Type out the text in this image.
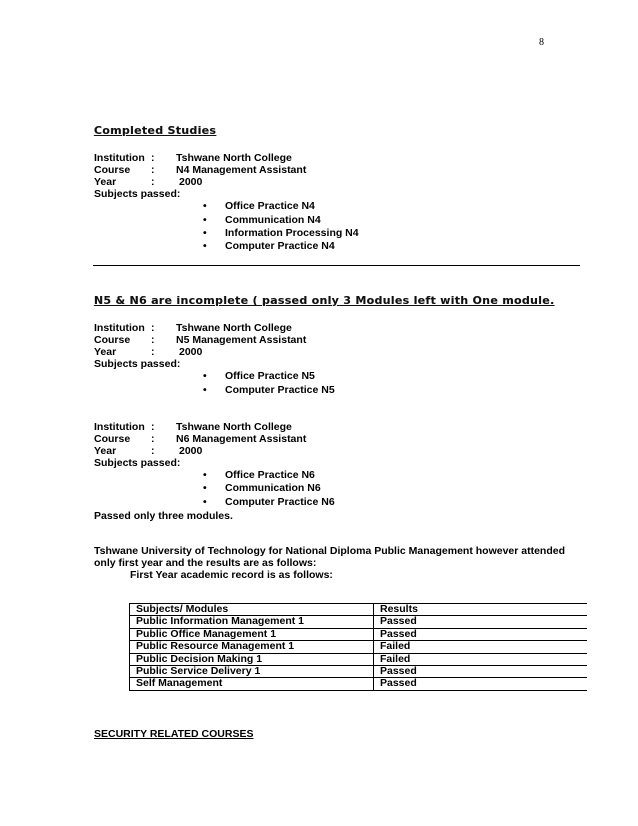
8
Completed Studies
Institution : Tshwane North College
Course : N4 Management Assistant
Year	: 2000
Subjects passed:
• Office Practice N4
• Communication N4
• Information Processing N4
• Computer Practice N4
N5 & N6 are incomplete ( passed only 3 Modules left with One module.
Institution : Tshwane North College
Course : N5 Management Assistant
Year	: 2000
Subjects passed:
• Office Practice N5
• Computer Practice N5
Institution : Tshwane North College
Course : N6 Management Assistant
Year	: 2000
Subjects passed:
• Office Practice N6
• Communication N6
• Computer Practice N6
Passed only three modules.
Tshwane University of Technology for National Diploma Public Management however attended
only first year and the results are as follows:
First Year academic record is as follows:
Subjects/ Modules	Results
Public Information Management 1	Passed
Public Office Management 1	Passed
Public Resource Management 1	Failed
Public Decision Making 1	Failed
Public Service Delivery 1	Passed
Self Management	Passed
SECURITY RELATED COURSES
